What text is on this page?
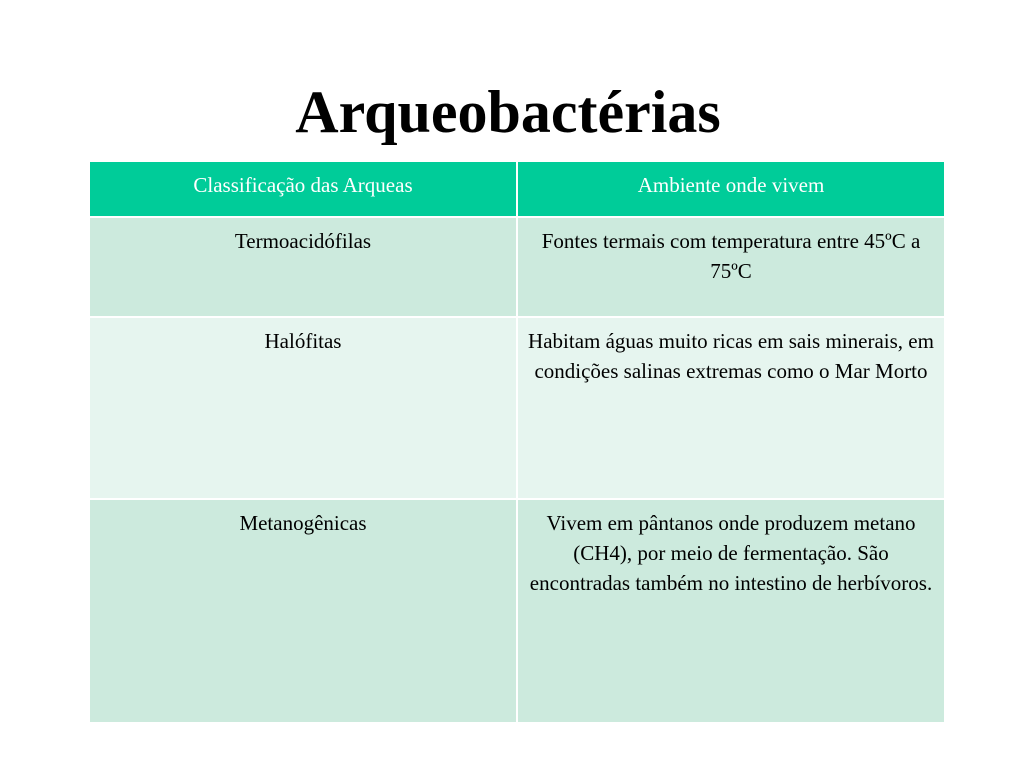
Arqueobactérias
Classificação das Arqueas	Ambiente onde vivem
Termoacidófilas	Fontes termais com temperatura entre 45ºC a 75ºC
Halófitas	Habitam águas muito ricas em sais minerais, em condições salinas extremas como o Mar Morto
Metanogênicas	Vivem em pântanos onde produzem metano (CH4), por meio de fermentação. São encontradas também no intestino de herbívoros.
